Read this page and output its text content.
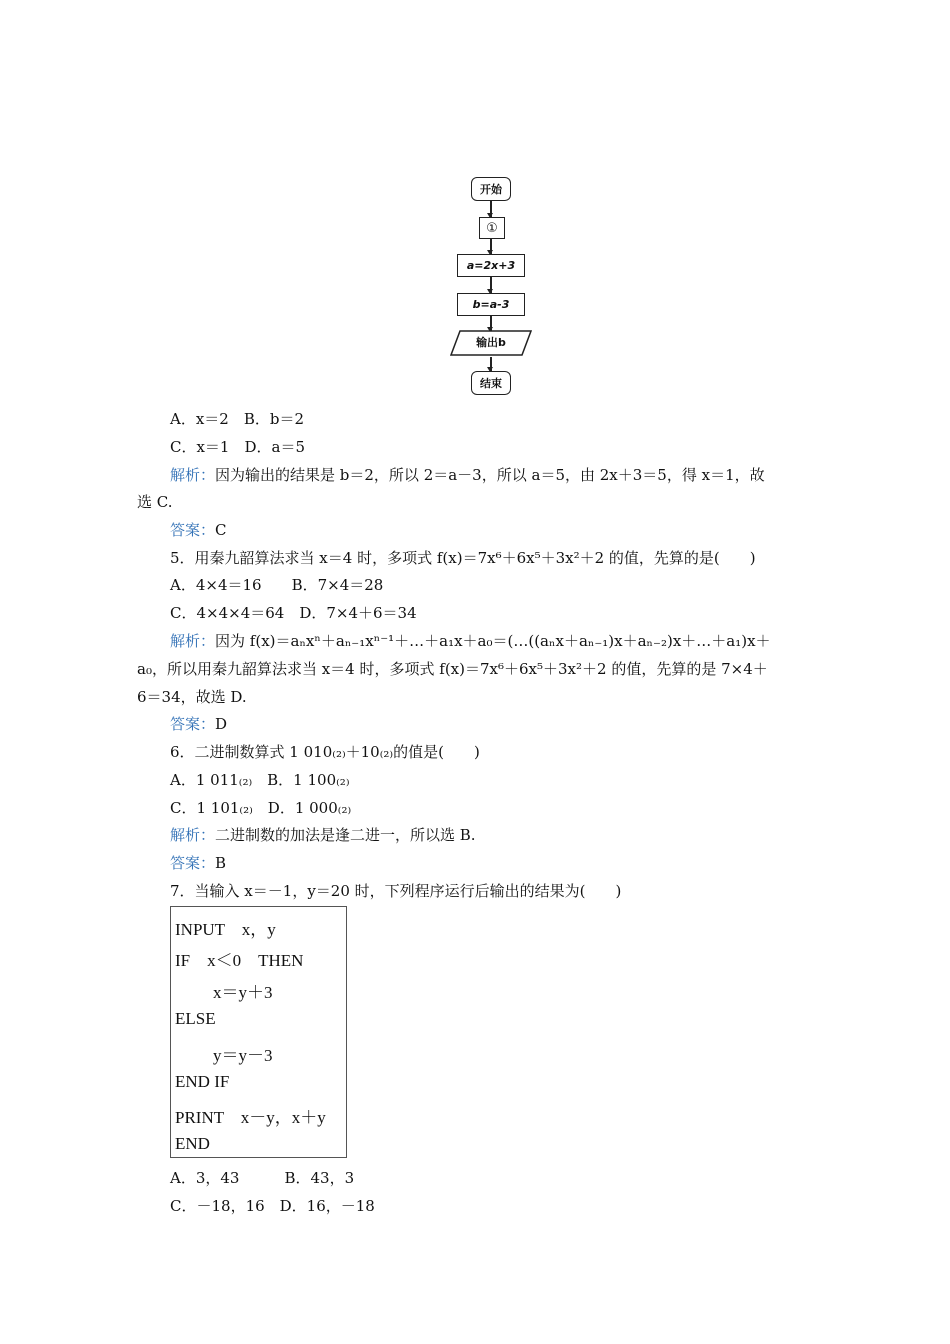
开始
①
a=2x+3
b=a-3
输出b
结束
A．x＝2　B．b＝2
C．x＝1　D．a＝5
解析：因为输出的结果是 b＝2，所以 2＝a－3，所以 a＝5，由 2x＋3＝5，得 x＝1，故
选 C.
答案：C
5．用秦九韶算法求当 x＝4 时，多项式 f(x)＝7x⁶＋6x⁵＋3x²＋2 的值，先算的是(　　)
A．4×4＝16　　B．7×4＝28
C．4×4×4＝64　D．7×4＋6＝34
解析：因为 f(x)＝aₙxⁿ＋aₙ₋₁xⁿ⁻¹＋…＋a₁x＋a₀＝(…((aₙx＋aₙ₋₁)x＋aₙ₋₂)x＋…＋a₁)x＋
a₀，所以用秦九韶算法求当 x＝4 时，多项式 f(x)＝7x⁶＋6x⁵＋3x²＋2 的值，先算的是 7×4＋
6＝34，故选 D.
答案：D
6．二进制数算式 1 010₍₂₎＋10₍₂₎的值是(　　)
A．1 011₍₂₎　B．1 100₍₂₎
C．1 101₍₂₎　D．1 000₍₂₎
解析：二进制数的加法是逢二进一，所以选 B.
答案：B
7．当输入 x＝－1，y＝20 时，下列程序运行后输出的结果为(　　)
INPUT　x，y
IF　x＜0　THEN
x＝y＋3
ELSE
y＝y－3
END IF
PRINT　x－y，x＋y
END
A．3，43　　　B．43，3
C．－18，16　D．16，－18
